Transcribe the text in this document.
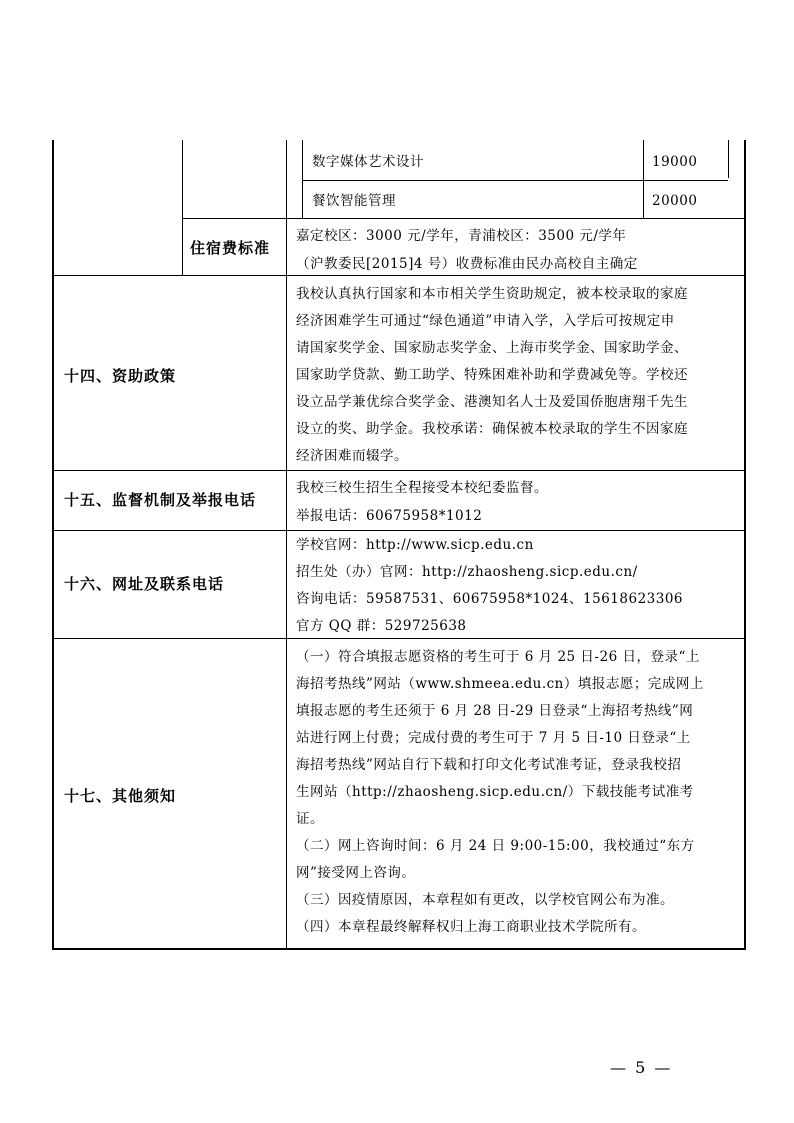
数字媒体艺术设计	19000
餐饮智能管理	20000
住宿费标准
嘉定校区：3000 元/学年，青浦校区：3500 元/学年
（沪教委民[2015]4 号）收费标准由民办高校自主确定
十四、资助政策
我校认真执行国家和本市相关学生资助规定，被本校录取的家庭
经济困难学生可通过“绿色通道”申请入学，入学后可按规定申
请国家奖学金、国家励志奖学金、上海市奖学金、国家助学金、
国家助学贷款、勤工助学、特殊困难补助和学费减免等。学校还
设立品学兼优综合奖学金、港澳知名人士及爱国侨胞唐翔千先生
设立的奖、助学金。我校承诺：确保被本校录取的学生不因家庭
经济困难而辍学。
十五、监督机制及举报电话
我校三校生招生全程接受本校纪委监督。
举报电话：60675958*1012
十六、网址及联系电话
学校官网：http://www.sicp.edu.cn
招生处（办）官网：http://zhaosheng.sicp.edu.cn/
咨询电话：59587531、60675958*1024、15618623306
官方 QQ 群：529725638
十七、其他须知
（一）符合填报志愿资格的考生可于 6 月 25 日-26 日，登录“上
海招考热线”网站（www.shmeea.edu.cn）填报志愿；完成网上
填报志愿的考生还须于 6 月 28 日-29 日登录“上海招考热线”网
站进行网上付费；完成付费的考生可于 7 月 5 日-10 日登录“上
海招考热线”网站自行下载和打印文化考试准考证，登录我校招
生网站（http://zhaosheng.sicp.edu.cn/）下载技能考试准考
证。
（二）网上咨询时间：6 月 24 日 9:00-15:00，我校通过“东方
网”接受网上咨询。
（三）因疫情原因，本章程如有更改，以学校官网公布为准。
（四）本章程最终解释权归上海工商职业技术学院所有。
— 5 —
